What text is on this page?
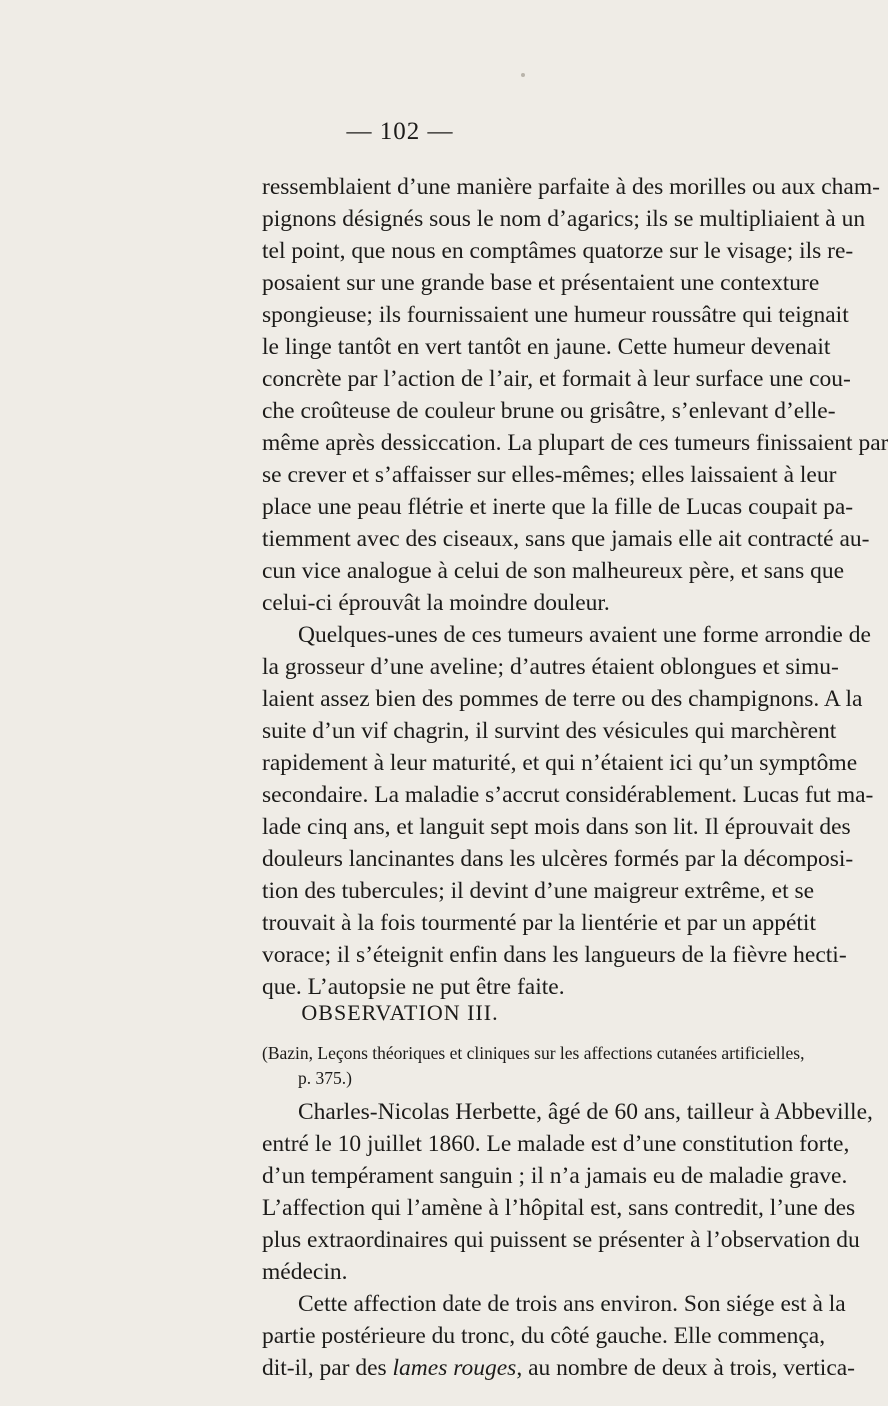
— 102 —
ressemblaient d’une manière parfaite à des morilles ou aux cham-
pignons désignés sous le nom d’agarics; ils se multipliaient à un
tel point, que nous en comptâmes quatorze sur le visage; ils re-
posaient sur une grande base et présentaient une contexture
spongieuse; ils fournissaient une humeur roussâtre qui teignait
le linge tantôt en vert tantôt en jaune. Cette humeur devenait
concrète par l’action de l’air, et formait à leur surface une cou-
che croûteuse de couleur brune ou grisâtre, s’enlevant d’elle-
même après dessiccation. La plupart de ces tumeurs finissaient par
se crever et s’affaisser sur elles-mêmes; elles laissaient à leur
place une peau flétrie et inerte que la fille de Lucas coupait pa-
tiemment avec des ciseaux, sans que jamais elle ait contracté au-
cun vice analogue à celui de son malheureux père, et sans que
celui-ci éprouvât la moindre douleur.
Quelques-unes de ces tumeurs avaient une forme arrondie de
la grosseur d’une aveline; d’autres étaient oblongues et simu-
laient assez bien des pommes de terre ou des champignons. A la
suite d’un vif chagrin, il survint des vésicules qui marchèrent
rapidement à leur maturité, et qui n’étaient ici qu’un symptôme
secondaire. La maladie s’accrut considérablement. Lucas fut ma-
lade cinq ans, et languit sept mois dans son lit. Il éprouvait des
douleurs lancinantes dans les ulcères formés par la décomposi-
tion des tubercules; il devint d’une maigreur extrême, et se
trouvait à la fois tourmenté par la lientérie et par un appétit
vorace; il s’éteignit enfin dans les langueurs de la fièvre hecti-
que. L’autopsie ne put être faite.
OBSERVATION III.
(Bazin, Leçons théoriques et cliniques sur les affections cutanées artificielles,
p. 375.)
Charles-Nicolas Herbette, âgé de 60 ans, tailleur à Abbeville,
entré le 10 juillet 1860. Le malade est d’une constitution forte,
d’un tempérament sanguin ; il n’a jamais eu de maladie grave.
L’affection qui l’amène à l’hôpital est, sans contredit, l’une des
plus extraordinaires qui puissent se présenter à l’observation du
médecin.
Cette affection date de trois ans environ. Son siége est à la
partie postérieure du tronc, du côté gauche. Elle commença,
dit-il, par des lames rouges, au nombre de deux à trois, vertica-
